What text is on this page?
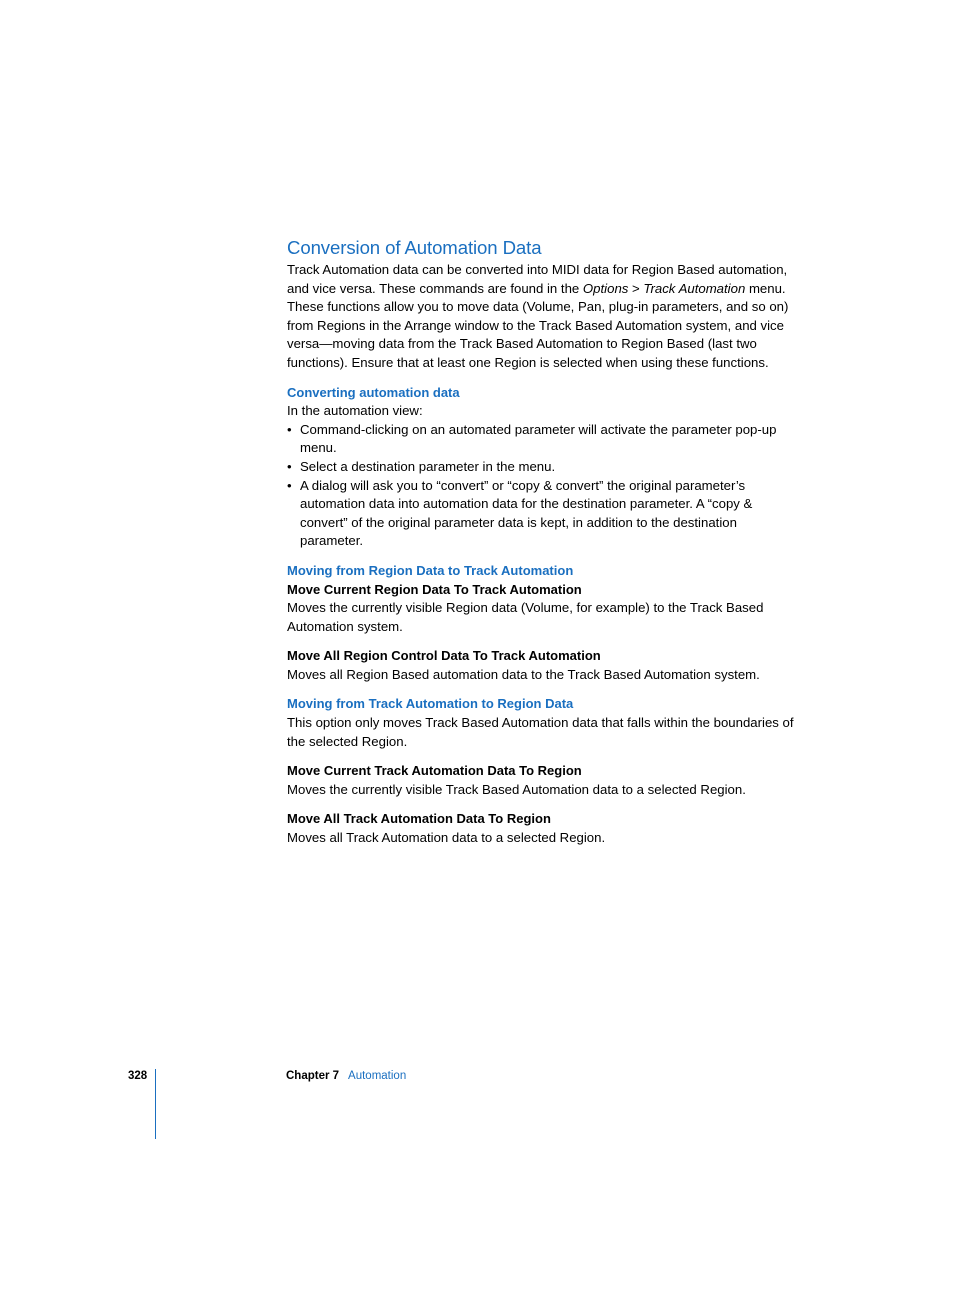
Conversion of Automation Data

Track Automation data can be converted into MIDI data for Region Based automation, and vice versa. These commands are found in the Options > Track Automation menu. These functions allow you to move data (Volume, Pan, plug-in parameters, and so on) from Regions in the Arrange window to the Track Based Automation system, and vice versa—moving data from the Track Based Automation to Region Based (last two functions). Ensure that at least one Region is selected when using these functions.

Converting automation data

In the automation view:

• Command-clicking on an automated parameter will activate the parameter pop-up menu.
• Select a destination parameter in the menu.
• A dialog will ask you to “convert” or “copy & convert” the original parameter’s automation data into automation data for the destination parameter. A “copy & convert” of the original parameter data is kept, in addition to the destination parameter.
Moving from Region Data to Track Automation
Move Current Region Data To Track Automation

Moves the currently visible Region data (Volume, for example) to the Track Based Automation system.

Move All Region Control Data To Track Automation

Moves all Region Based automation data to the Track Based Automation system.

Moving from Track Automation to Region Data

This option only moves Track Based Automation data that falls within the boundaries of the selected Region.

Move Current Track Automation Data To Region

Moves the currently visible Track Based Automation data to a selected Region.

Move All Track Automation Data To Region

Moves all Track Automation data to a selected Region.

328	Chapter 7 Automation
